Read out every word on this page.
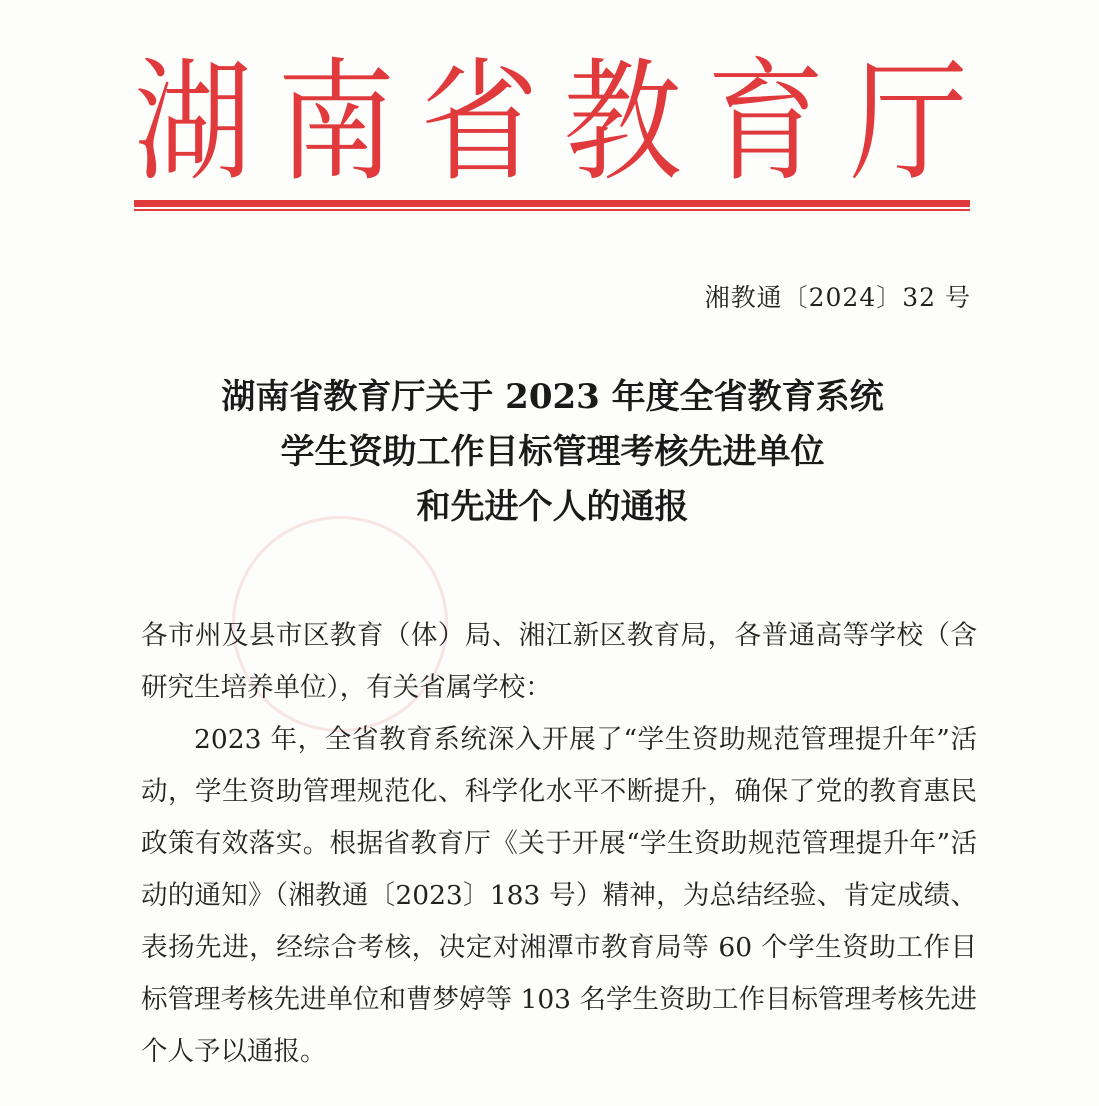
湖 南 省 教 育 厅
湘教通〔2024〕32 号
湖南省教育厅关于 2023 年度全省教育系统
学生资助工作目标管理考核先进单位
和先进个人的通报

各市州及县市区教育（体）局、湘江新区教育局，各普通高等学校（含研究生培养单位），有关省属学校：

2023 年，全省教育系统深入开展了“学生资助规范管理提升年”活动，学生资助管理规范化、科学化水平不断提升，确保了党的教育惠民政策有效落实。根据省教育厅《关于开展“学生资助规范管理提升年”活动的通知》（湘教通〔2023〕183 号）精神，为总结经验、肯定成绩、表扬先进，经综合考核，决定对湘潭市教育局等 60 个学生资助工作目标管理考核先进单位和曹梦婷等 103 名学生资助工作目标管理考核先进个人予以通报。
